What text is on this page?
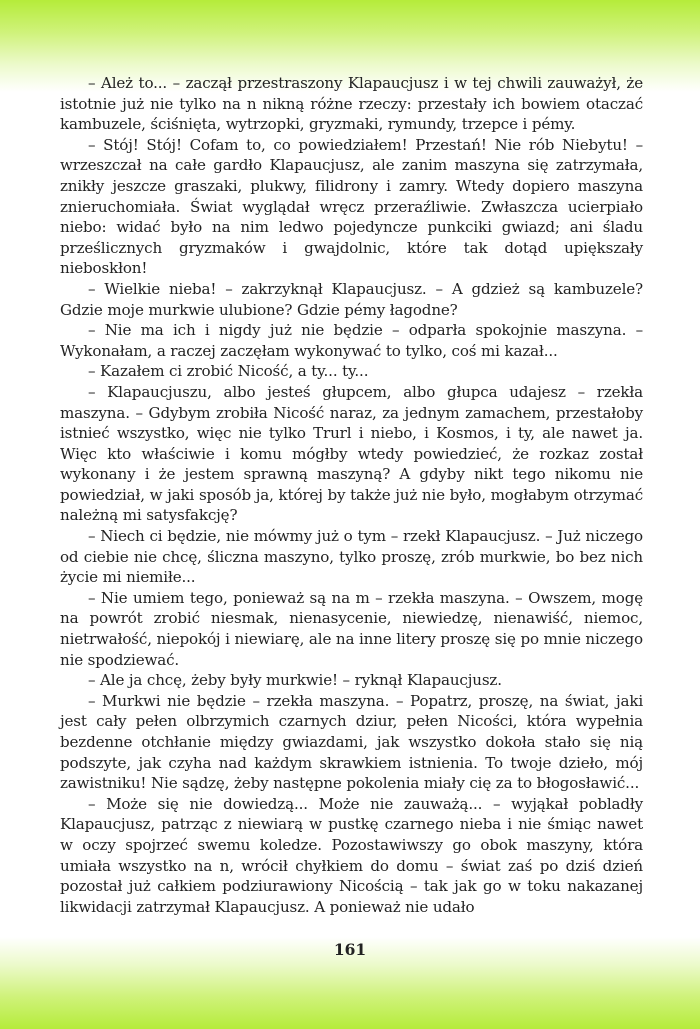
– Ależ to... – zaczął przestraszony Klapaucjusz i w tej chwili zauważył, że istotnie już nie tylko na n nikną różne rzeczy: przestały ich bowiem otaczać kambuzele, ściśnięta, wytrzopki, gryzmaki, rymundy, trzepce i pémy.

– Stój! Stój! Cofam to, co powiedziałem! Przestań! Nie rób Niebytu! – wrzeszczał na całe gardło Klapaucjusz, ale zanim maszyna się zatrzymała, znikły jeszcze graszaki, plukwy, filidrony i zamry. Wtedy dopiero maszyna znieruchomiała. Świat wyglądał wręcz przeraźliwie. Zwłaszcza ucierpiało niebo: widać było na nim ledwo pojedyncze punkciki gwiazd; ani śladu prześlicznych gryzmaków i gwajdolnic, które tak dotąd upiększały nieboskłon!

– Wielkie nieba! – zakrzyknął Klapaucjusz. – A gdzież są kambuzele? Gdzie moje murkwie ulubione? Gdzie pémy łagodne?

– Nie ma ich i nigdy już nie będzie – odparła spokojnie maszyna. – Wykonałam, a raczej zaczęłam wykonywać to tylko, coś mi kazał...

– Kazałem ci zrobić Nicość, a ty... ty...

– Klapaucjuszu, albo jesteś głupcem, albo głupca udajesz – rzekła maszyna. – Gdybym zrobiła Nicość naraz, za jednym zamachem, przestałoby istnieć wszystko, więc nie tylko Trurl i niebo, i Kosmos, i ty, ale nawet ja. Więc kto właściwie i komu mógłby wtedy powiedzieć, że rozkaz został wykonany i że jestem sprawną maszyną? A gdyby nikt tego nikomu nie powiedział, w jaki sposób ja, której by także już nie było, mogłabym otrzymać należną mi satysfakcję?

– Niech ci będzie, nie mówmy już o tym – rzekł Klapaucjusz. – Już niczego od ciebie nie chcę, śliczna maszyno, tylko proszę, zrób murkwie, bo bez nich życie mi niemiłe...

– Nie umiem tego, ponieważ są na m – rzekła maszyna. – Owszem, mogę na powrót zrobić niesmak, nienasycenie, niewiedzę, nienawiść, niemoc, nietrwałość, niepokój i niewiarę, ale na inne litery proszę się po mnie niczego nie spodziewać.

– Ale ja chcę, żeby były murkwie! – ryknął Klapaucjusz.

– Murkwi nie będzie – rzekła maszyna. – Popatrz, proszę, na świat, jaki jest cały pełen olbrzymich czarnych dziur, pełen Nicości, która wypełnia bezdenne otchłanie między gwiazdami, jak wszystko dokoła stało się nią podszyte, jak czyha nad każdym skrawkiem istnienia. To twoje dzieło, mój zawistniku! Nie sądzę, żeby następne pokolenia miały cię za to błogosławić...

– Może się nie dowiedzą... Może nie zauważą... – wyjąkał pobladły Klapaucjusz, patrząc z niewiarą w pustkę czarnego nieba i nie śmiąc nawet w oczy spojrzeć swemu koledze. Pozostawiwszy go obok maszyny, która umiała wszystko na n, wrócił chyłkiem do domu – świat zaś po dziś dzień pozostał już całkiem podziurawiony Nicością – tak jak go w toku nakazanej likwidacji zatrzymał Klapaucjusz. A ponieważ nie udało

161
